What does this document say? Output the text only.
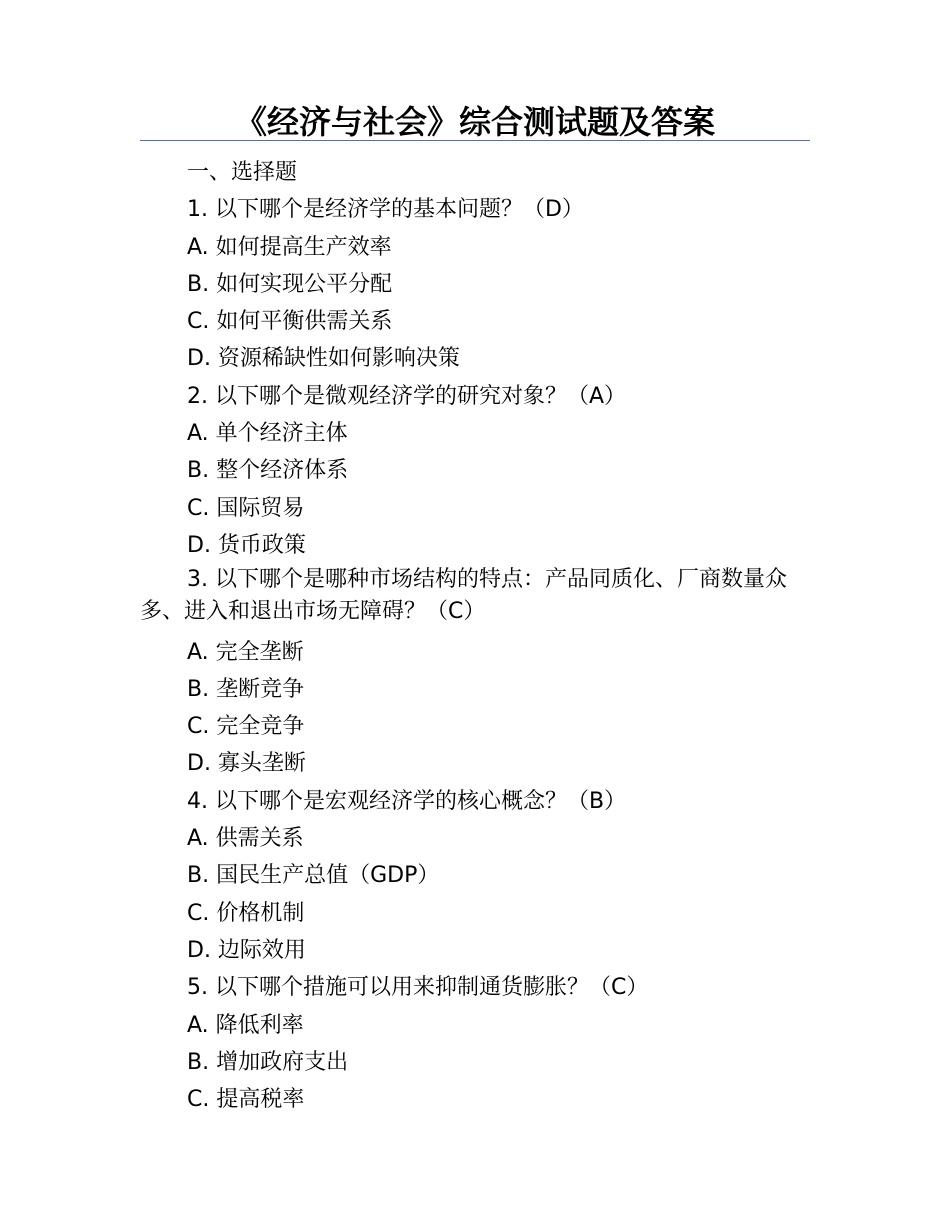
《经济与社会》综合测试题及答案
一、选择题
1. 以下哪个是经济学的基本问题？（D）
A. 如何提高生产效率
B. 如何实现公平分配
C. 如何平衡供需关系
D. 资源稀缺性如何影响决策
2. 以下哪个是微观经济学的研究对象？（A）
A. 单个经济主体
B. 整个经济体系
C. 国际贸易
D. 货币政策
3. 以下哪个是哪种市场结构的特点：产品同质化、厂商数量众多、进入和退出市场无障碍？（C）
A. 完全垄断
B. 垄断竞争
C. 完全竞争
D. 寡头垄断
4. 以下哪个是宏观经济学的核心概念？（B）
A. 供需关系
B. 国民生产总值（GDP）
C. 价格机制
D. 边际效用
5. 以下哪个措施可以用来抑制通货膨胀？（C）
A. 降低利率
B. 增加政府支出
C. 提高税率
